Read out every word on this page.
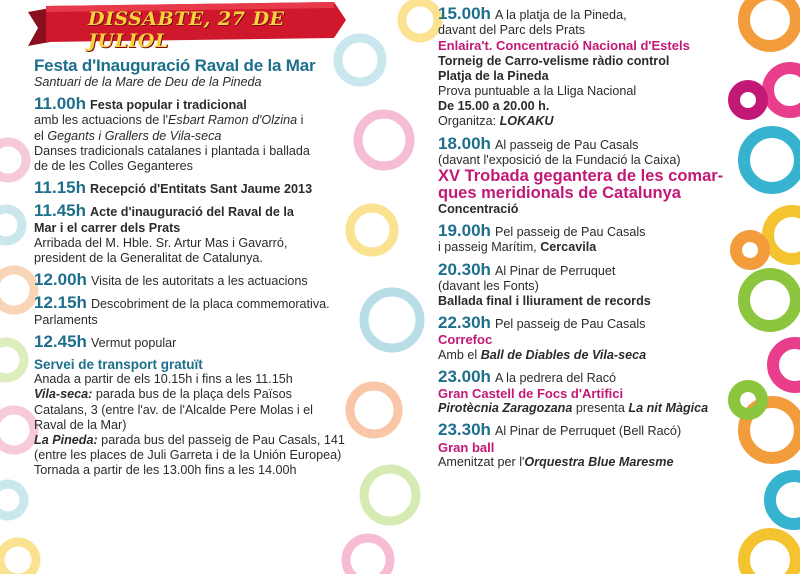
DISSABTE, 27 DE JULIOL
Festa d'Inauguració Raval de la Mar
Santuari de la Mare de Deu de la Pineda
11.00h Festa popular i tradicional
amb les actuacions de l'Esbart Ramon d'Olzina i
el Gegants i Grallers de Vila-seca
Danses tradicionals catalanes i plantada i ballada
de de les Colles Geganteres
11.15h Recepció d'Entitats Sant Jaume 2013
11.45h Acte d'inauguració del Raval de la
Mar i el carrer dels Prats
Arribada del M. Hble. Sr. Artur Mas i Gavarró,
president de la Generalitat de Catalunya.
12.00h Visita de les autoritats a les actuacions
12.15h Descobriment de la placa commemorativa.
Parlaments
12.45h Vermut popular
Servei de transport gratuït
Anada a partir de els 10.15h i fins a les 11.15h
Vila-seca: parada bus de la plaça dels Països
Catalans, 3 (entre l'av. de l'Alcalde Pere Molas i el
Raval de la Mar)
La Pineda: parada bus del passeig de Pau Casals, 141
(entre les places de Juli Garreta i de la Unión Europea)
Tornada a partir de les 13.00h fins a les 14.00h
15.00h A la platja de la Pineda,
davant del Parc dels Prats
Enlaira't. Concentració Nacional d'Estels
Torneig de Carro-velisme ràdio control
Platja de la Pineda
Prova puntuable a la Lliga Nacional
De 15.00 a 20.00 h.
Organitza: LOKAKU
18.00h Al passeig de Pau Casals
(davant l'exposició de la Fundació la Caixa)
XV Trobada gegantera de les comar-
ques meridionals de Catalunya
Concentració
19.00h Pel passeig de Pau Casals
i passeig Marítim, Cercavila
20.30h Al Pinar de Perruquet
(davant les Fonts)
Ballada final i lliurament de records
22.30h Pel passeig de Pau Casals
Correfoc
Amb el Ball de Diables de Vila-seca
23.00h A la pedrera del Racó
Gran Castell de Focs d'Artifici
Pirotècnia Zaragozana presenta La nit Màgica
23.30h Al Pinar de Perruquet (Bell Racó)
Gran ball
Amenitzat per l'Orquestra Blue Maresme
